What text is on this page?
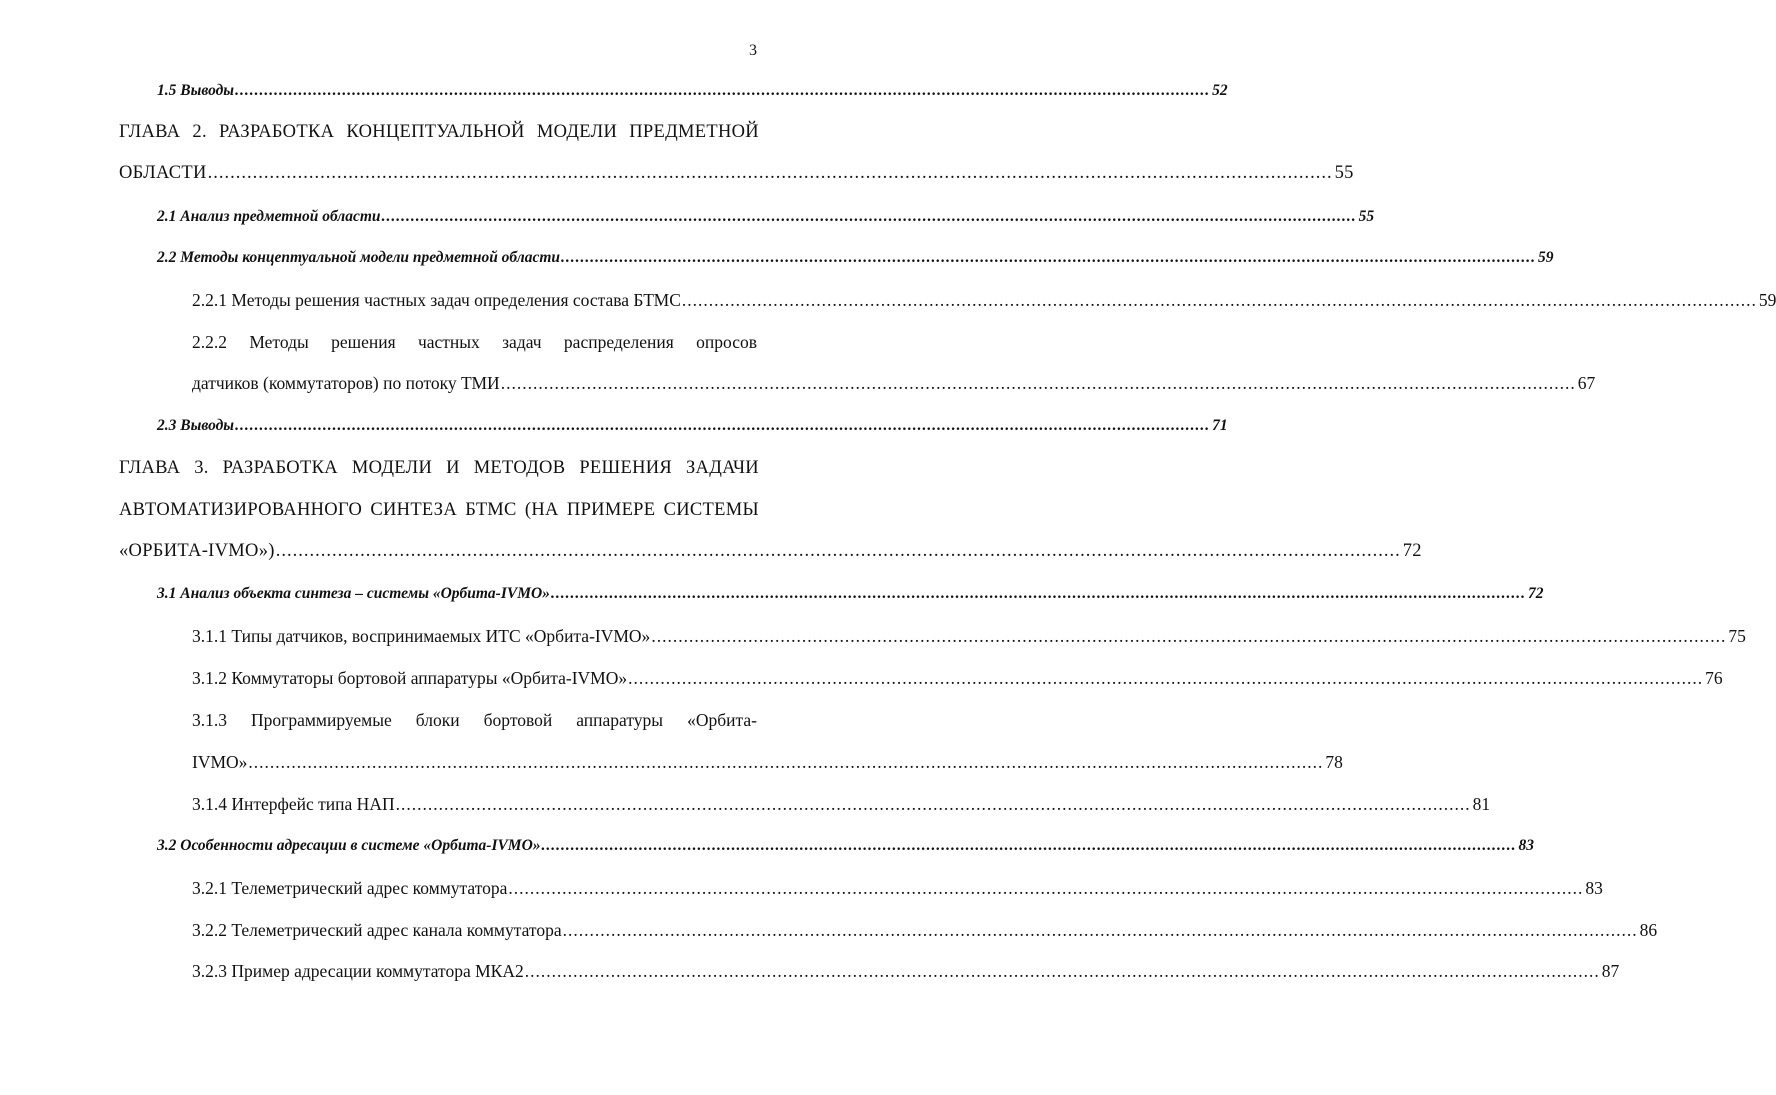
3
1.5 Выводы ........................................................................................................................................................................................................ 52
ГЛАВА 2. РАЗРАБОТКА КОНЦЕПТУАЛЬНОЙ МОДЕЛИ ПРЕДМЕТНОЙ
ОБЛАСТИ ........................................................................................................................................................................................................ 55
2.1 Анализ предметной области ........................................................................................................................................................................................................ 55
2.2 Методы концептуальной модели предметной области ........................................................................................................................................................................................................ 59
2.2.1 Методы решения частных задач определения состава БТМС ........................................................................................................................................................................................................ 59
2.2.2 Методы решения частных задач распределения опросов
датчиков (коммутаторов) по потоку ТМИ ........................................................................................................................................................................................................ 67
2.3 Выводы ........................................................................................................................................................................................................ 71
ГЛАВА 3. РАЗРАБОТКА МОДЕЛИ И МЕТОДОВ РЕШЕНИЯ ЗАДАЧИ
АВТОМАТИЗИРОВАННОГО СИНТЕЗА БТМС (НА ПРИМЕРЕ СИСТЕМЫ
«ОРБИТА-IVMO») ........................................................................................................................................................................................................ 72
3.1 Анализ объекта синтеза – системы «Орбита-IVMO» ........................................................................................................................................................................................................ 72
3.1.1 Типы датчиков, воспринимаемых ИТС «Орбита-IVMO» ........................................................................................................................................................................................................ 75
3.1.2 Коммутаторы бортовой аппаратуры «Орбита-IVMO» ........................................................................................................................................................................................................ 76
3.1.3 Программируемые блоки бортовой аппаратуры «Орбита-
IVMO» ........................................................................................................................................................................................................ 78
3.1.4 Интерфейс типа НАП ........................................................................................................................................................................................................ 81
3.2 Особенности адресации в системе «Орбита-IVMO» ........................................................................................................................................................................................................ 83
3.2.1 Телеметрический адрес коммутатора ........................................................................................................................................................................................................ 83
3.2.2 Телеметрический адрес канала коммутатора ........................................................................................................................................................................................................ 86
3.2.3 Пример адресации коммутатора МКА2 ........................................................................................................................................................................................................ 87
